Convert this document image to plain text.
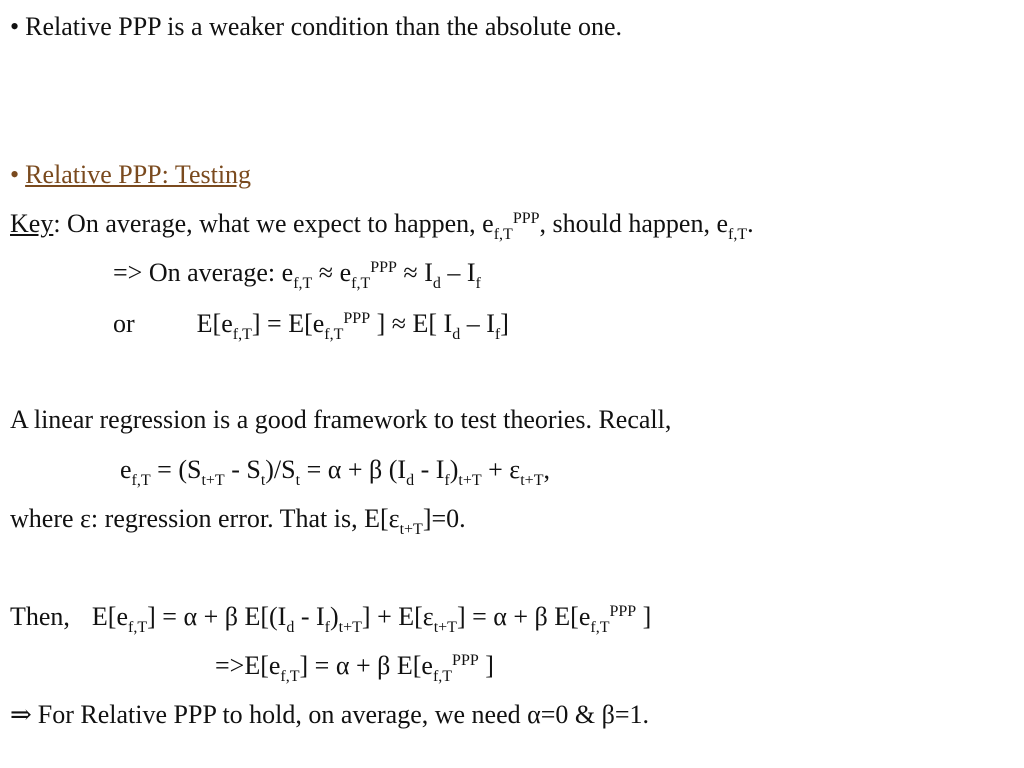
• Relative PPP is a weaker condition than the absolute one.
• Relative PPP: Testing
Key: On average, what we expect to happen, $e_{f,T}^{PPP}$, should happen, $e_{f,T}$.
=> On average: $e_{f,T} \approx e_{f,T}^{PPP} \approx I_d - I_f$
or $E[e_{f,T}] = E[e_{f,T}^{PPP}$ ] ≈ E[ $I_d - I_f$]
A linear regression is a good framework to test theories. Recall,
$e_{f,T} = (S_{t+T} - S_t)/S_t = \alpha + \beta$ $(I_d - I_f)_{t+T} + \varepsilon_{t+T}$,
where ε: regression error. That is, $E[\varepsilon_{t+T}]=0$.
Then, $E[e_{f,T}] = \alpha + \beta$ $E[(I_d - I_f)_{t+T}] + E[\varepsilon_{t+T}] = \alpha + \beta$ $E[e_{f,T}^{PPP}$ ]
$=>E[e_{f,T}] = \alpha + \beta$ $E[e_{f,T}^{PPP}$ ]
⇒ For Relative PPP to hold, on average, we need α=0 & β=1.
